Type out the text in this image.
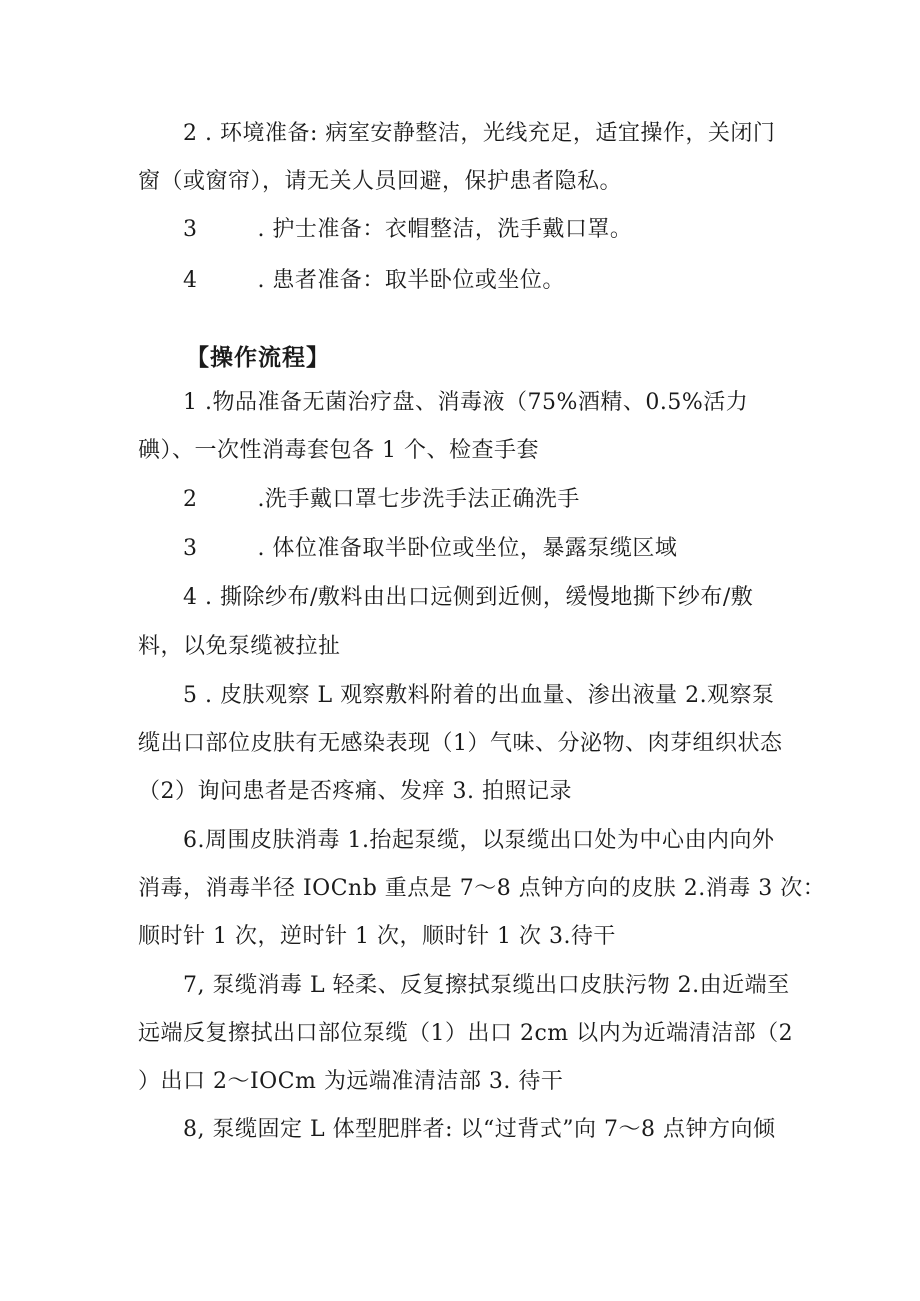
2 . 环境准备: 病室安静整洁，光线充足，适宜操作，关闭门
窗（或窗帘），请无关人员回避，保护患者隐私。
3        . 护士准备：衣帽整洁，洗手戴口罩。
4        . 患者准备：取半卧位或坐位。
【操作流程】
1 .物品准备无菌治疗盘、消毒液（75%酒精、0.5%活力
碘）、一次性消毒套包各 1 个、检查手套
2        .洗手戴口罩七步洗手法正确洗手
3        . 体位准备取半卧位或坐位，暴露泵缆区域
4 . 撕除纱布/敷料由出口远侧到近侧，缓慢地撕下纱布/敷
料，以免泵缆被拉扯
5 . 皮肤观察 L 观察敷料附着的出血量、渗出液量 2.观察泵
缆出口部位皮肤有无感染表现（1）气味、分泌物、肉芽组织状态
（2）询问患者是否疼痛、发痒 3. 拍照记录
6.周围皮肤消毒 1.抬起泵缆，以泵缆出口处为中心由内向外
消毒，消毒半径 IOCnb 重点是 7～8 点钟方向的皮肤 2.消毒 3 次：
顺时针 1 次，逆时针 1 次，顺时针 1 次 3.待干
7, 泵缆消毒 L 轻柔、反复擦拭泵缆出口皮肤污物 2.由近端至
远端反复擦拭出口部位泵缆（1）出口 2cm 以内为近端清洁部（2
）出口 2～IOCm 为远端准清洁部 3. 待干
8, 泵缆固定 L 体型肥胖者: 以“过背式”向 7～8 点钟方向倾
